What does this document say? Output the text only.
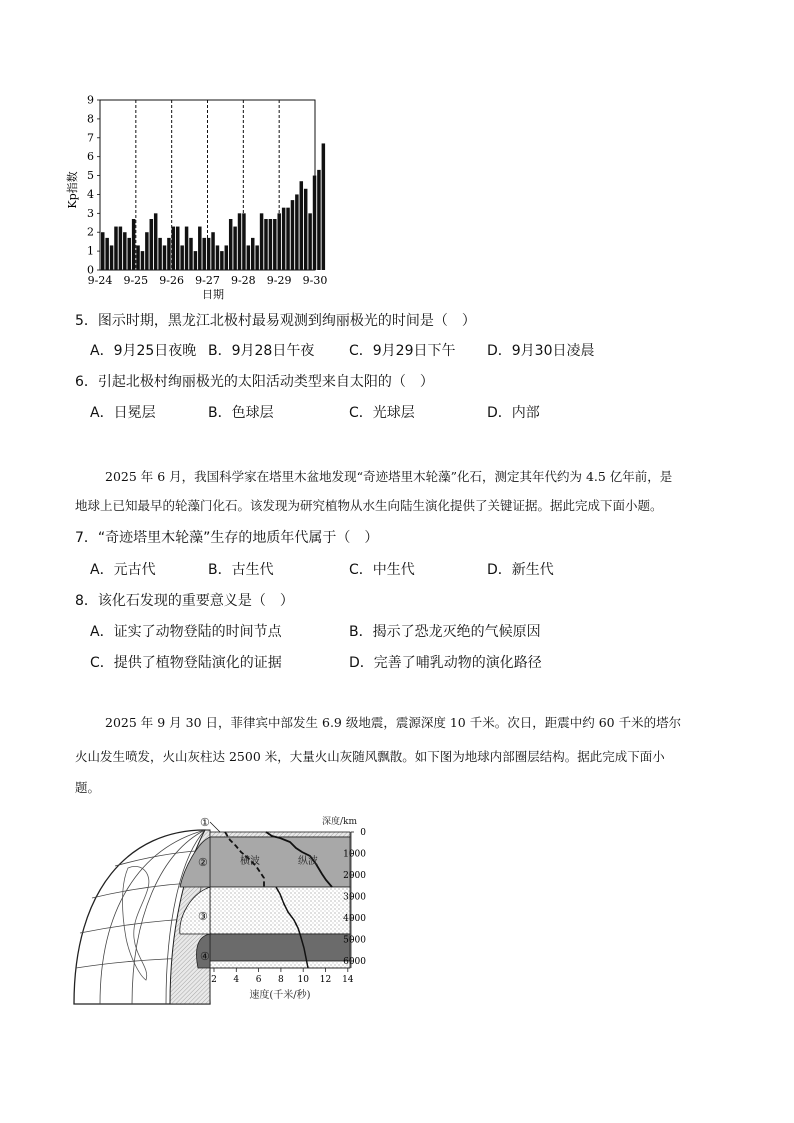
0
1
2
3
4
5
6
7
8
9
9-24 9-25 9-26 9-27 9-28 9-29 9-30
Kp指数
日期
5．图示时期，黑龙江北极村最易观测到绚丽极光的时间是（　）
A．9月25日夜晚 B．9月28日午夜 C．9月29日下午 D．9月30日凌晨
6．引起北极村绚丽极光的太阳活动类型来自太阳的（　）
A．日冕层	B．色球层	C．光球层	D．内部
2025 年 6 月，我国科学家在塔里木盆地发现“奇迹塔里木轮藻”化石，测定其年代约为 4.5 亿年前，是
地球上已知最早的轮藻门化石。该发现为研究植物从水生向陆生演化提供了关键证据。据此完成下面小题。
7．“奇迹塔里木轮藻”生存的地质年代属于（　）
A．元古代	B．古生代	C．中生代	D．新生代
8．该化石发现的重要意义是（　）
A．证实了动物登陆的时间节点	B．揭示了恐龙灭绝的气候原因
C．提供了植物登陆演化的证据	D．完善了哺乳动物的演化路径
2025 年 9 月 30 日，菲律宾中部发生 6.9 级地震，震源深度 10 千米。次日，距震中约 60 千米的塔尔
火山发生喷发，火山灰柱达 2500 米，大量火山灰随风飘散。如下图为地球内部圈层结构。据此完成下面小
题。
横波	纵波
①
②
③
④
深度/km
0
1000
2000
3000
4000
5000
6000
2 4 6 8 10 12 14
速度(千米/秒)
